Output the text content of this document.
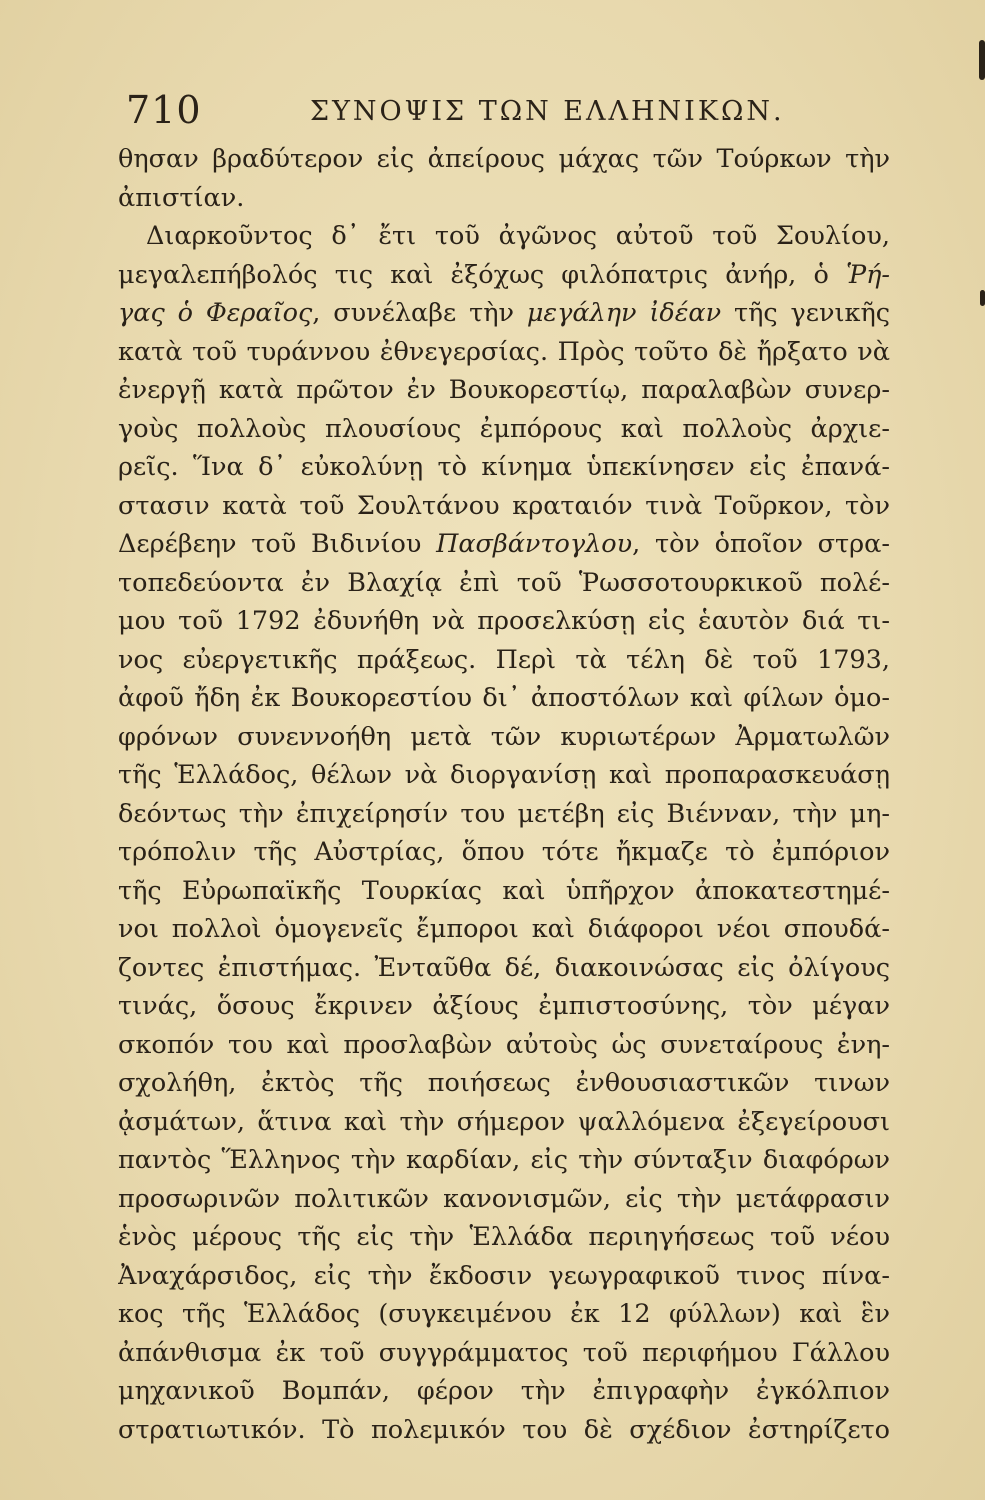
710	ΣΥΝΟΨΙΣ ΤΩΝ ΕΛΛΗΝΙΚΩΝ.
θησαν βραδύτερον εἰς ἀπείρους μάχας τῶν Τούρκων τὴν
ἀπιστίαν.
Διαρκοῦντος δ᾽ ἔτι τοῦ ἀγῶνος αὐτοῦ τοῦ Σουλίου,
μεγαλεπήβολός τις καὶ ἐξόχως φιλόπατρις ἀνήρ, ὁ Ῥή-
γας ὁ Φεραῖος, συνέλαβε τὴν μεγάλην ἰδέαν τῆς γενικῆς
κατὰ τοῦ τυράννου ἐθνεγερσίας. Πρὸς τοῦτο δὲ ἤρξατο νὰ
ἐνεργῇ κατὰ πρῶτον ἐν Βουκορεστίῳ, παραλαβὼν συνερ-
γοὺς πολλοὺς πλουσίους ἐμπόρους καὶ πολλοὺς ἀρχιε-
ρεῖς. Ἵνα δ᾽ εὐκολύνῃ τὸ κίνημα ὑπεκίνησεν εἰς ἐπανά-
στασιν κατὰ τοῦ Σουλτάνου κραταιόν τινὰ Τοῦρκον, τὸν
Δερέβεην τοῦ Βιδινίου Πασβάντογλου, τὸν ὁποῖον στρα-
τοπεδεύοντα ἐν Βλαχίᾳ ἐπὶ τοῦ Ῥωσσοτουρκικοῦ πολέ-
μου τοῦ 1792 ἐδυνήθη νὰ προσελκύσῃ εἰς ἑαυτὸν διά τι-
νος εὐεργετικῆς πράξεως. Περὶ τὰ τέλη δὲ τοῦ 1793,
ἀφοῦ ἤδη ἐκ Βουκορεστίου δι᾽ ἀποστόλων καὶ φίλων ὁμο-
φρόνων συνεννοήθη μετὰ τῶν κυριωτέρων Ἀρματωλῶν
τῆς Ἑλλάδος, θέλων νὰ διοργανίσῃ καὶ προπαρασκευάσῃ
δεόντως τὴν ἐπιχείρησίν του μετέβη εἰς Βιένναν, τὴν μη-
τρόπολιν τῆς Αὐστρίας, ὅπου τότε ἤκμαζε τὸ ἐμπόριον
τῆς Εὐρωπαϊκῆς Τουρκίας καὶ ὑπῆρχον ἀποκατεστημέ-
νοι πολλοὶ ὁμογενεῖς ἔμποροι καὶ διάφοροι νέοι σπουδά-
ζοντες ἐπιστήμας. Ἐνταῦθα δέ, διακοινώσας εἰς ὀλίγους
τινάς, ὅσους ἔκρινεν ἀξίους ἐμπιστοσύνης, τὸν μέγαν
σκοπόν του καὶ προσλαβὼν αὐτοὺς ὡς συνεταίρους ἐνη-
σχολήθη, ἐκτὸς τῆς ποιήσεως ἐνθουσιαστικῶν τινων
ᾀσμάτων, ἅτινα καὶ τὴν σήμερον ψαλλόμενα ἐξεγείρουσι
παντὸς Ἕλληνος τὴν καρδίαν, εἰς τὴν σύνταξιν διαφόρων
προσωρινῶν πολιτικῶν κανονισμῶν, εἰς τὴν μετάφρασιν
ἑνὸς μέρους τῆς εἰς τὴν Ἑλλάδα περιηγήσεως τοῦ νέου
Ἀναχάρσιδος, εἰς τὴν ἔκδοσιν γεωγραφικοῦ τινος πίνα-
κος τῆς Ἑλλάδος (συγκειμένου ἐκ 12 φύλλων) καὶ ἓν
ἀπάνθισμα ἐκ τοῦ συγγράμματος τοῦ περιφήμου Γάλλου
μηχανικοῦ Βομπάν, φέρον τὴν ἐπιγραφὴν ἐγκόλπιον
στρατιωτικόν. Τὸ πολεμικόν του δὲ σχέδιον ἐστηρίζετο
